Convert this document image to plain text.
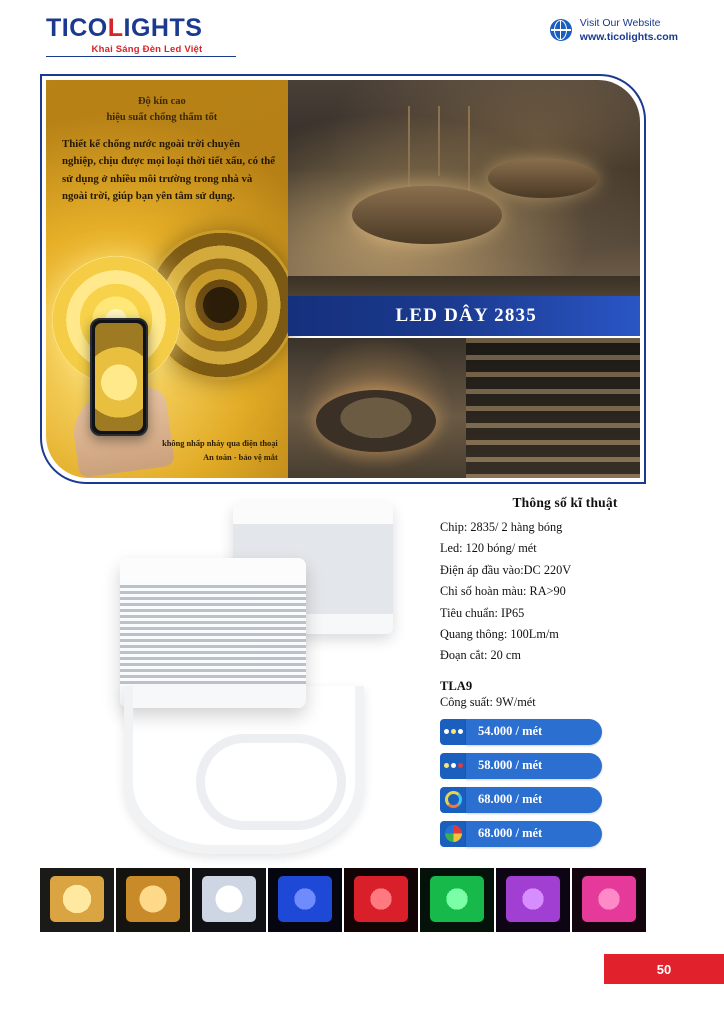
TICOLIGHTS
Khai Sáng Đèn Led Việt
Visit Our Website
www.ticolights.com
Độ kín cao
hiệu suất chống thấm tốt
Thiết kế chống nước ngoài trời chuyên nghiệp, chịu được mọi loại thời tiết xấu, có thể sử dụng ở nhiều môi trường trong nhà và ngoài trời, giúp bạn yên tâm sử dụng.
không nhấp nháy qua điện thoại
An toàn - bảo vệ mắt
LED DÂY 2835
Thông số kĩ thuật
Chip: 2835/ 2 hàng bóng
Led: 120 bóng/ mét
Điện áp đầu vào:DC 220V
Chỉ số hoàn màu: RA>90
Tiêu chuẩn: IP65
Quang thông: 100Lm/m
Đoạn cắt: 20 cm
TLA9
Công suất: 9W/mét
54.000 / mét
58.000 / mét
68.000 / mét
68.000 / mét
50
